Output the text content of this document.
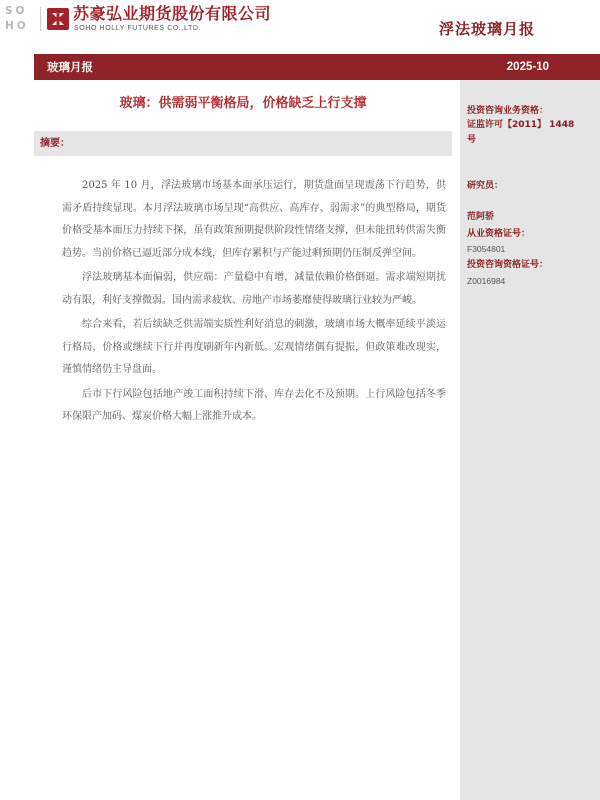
SO
HO
苏豪弘业期货股份有限公司
SOHO HOLLY FUTURES CO.,LTD.	浮法玻璃月报
玻璃月报	2025-10
投资咨询业务资格：
证监许可【2011】 1448 号
研究员：
范阿骄
从业资格证号：
F3054801
投资咨询资格证号：
Z0016984
玻璃：供需弱平衡格局，价格缺乏上行支撑
摘要：

2025 年 10 月，浮法玻璃市场基本面承压运行，期货盘面呈现震荡下行趋势，供需矛盾持续显现。本月浮法玻璃市场呈现“高供应、高库存、弱需求”的典型格局，期货价格受基本面压力持续下探，虽有政策预期提供阶段性情绪支撑，但未能扭转供需失衡趋势。当前价格已逼近部分成本线，但库存累积与产能过剩预期仍压制反弹空间。

浮法玻璃基本面偏弱，供应端：产量稳中有增，减量依赖价格倒逼。需求端短期扰动有限，利好支撑微弱。国内需求疲软、房地产市场萎靡使得玻璃行业较为严峻。

综合来看，若后续缺乏供需端实质性利好消息的刺激，玻璃市场大概率延续平淡运行格局，价格或继续下行并再度刷新年内新低。宏观情绪偶有提振，但政策难改现实，谨慎情绪仍主导盘面。

后市下行风险包括地产竣工面积持续下滑、库存去化不及预期。上行风险包括冬季环保限产加码、煤炭价格大幅上涨推升成本。
